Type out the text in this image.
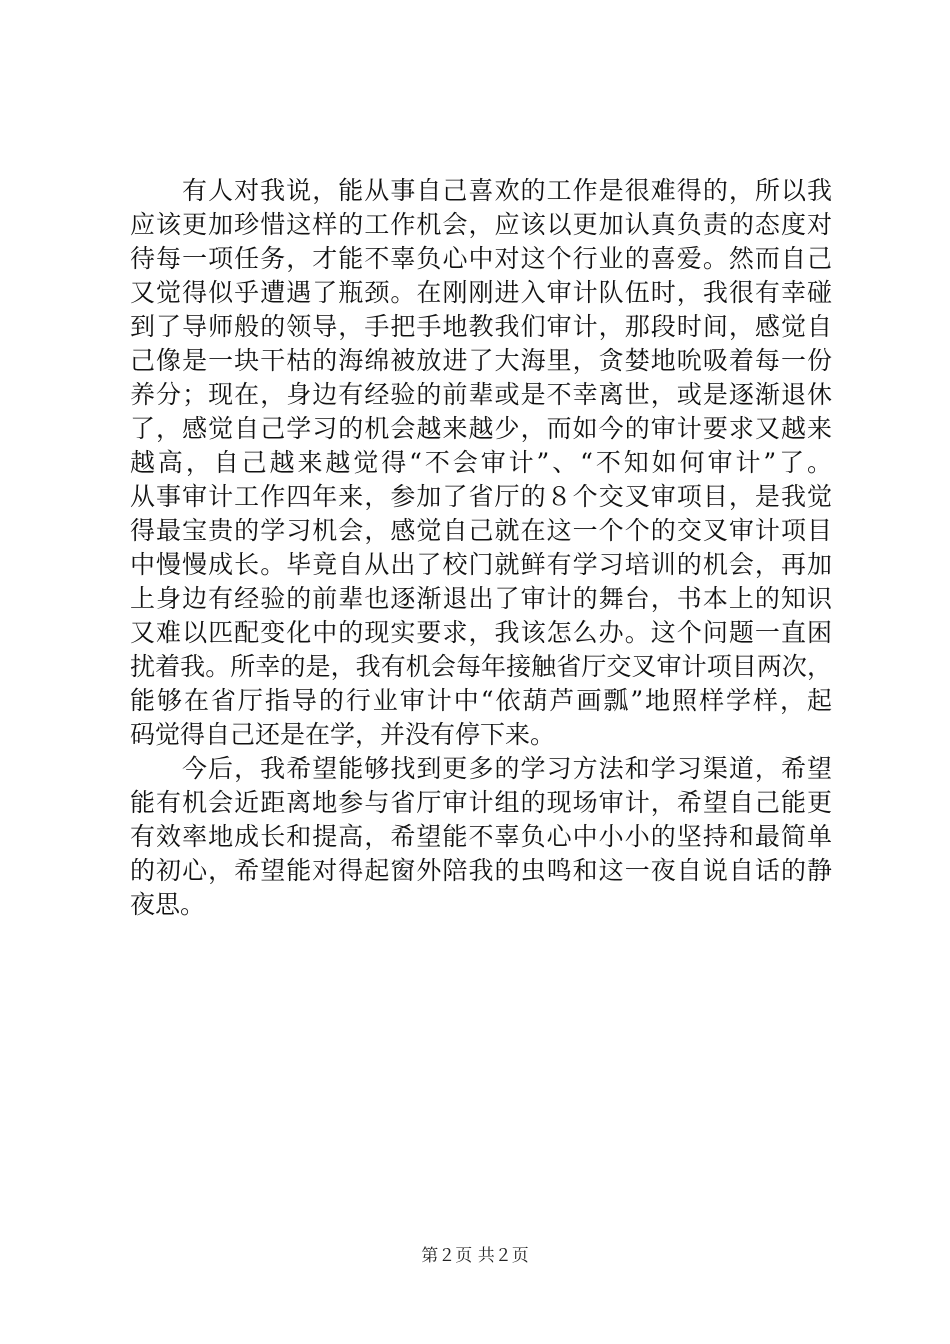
有人对我说，能从事自己喜欢的工作是很难得的，所以我
应该更加珍惜这样的工作机会，应该以更加认真负责的态度对
待每一项任务，才能不辜负心中对这个行业的喜爱。然而自己
又觉得似乎遭遇了瓶颈。在刚刚进入审计队伍时，我很有幸碰
到了导师般的领导，手把手地教我们审计，那段时间，感觉自
己像是一块干枯的海绵被放进了大海里，贪婪地吮吸着每一份
养分；现在，身边有经验的前辈或是不幸离世，或是逐渐退休
了，感觉自己学习的机会越来越少，而如今的审计要求又越来
越高，自己越来越觉得“不会审计”、“不知如何审计”了。
从事审计工作四年来，参加了省厅的８个交叉审项目，是我觉
得最宝贵的学习机会，感觉自己就在这一个个的交叉审计项目
中慢慢成长。毕竟自从出了校门就鲜有学习培训的机会，再加
上身边有经验的前辈也逐渐退出了审计的舞台，书本上的知识
又难以匹配变化中的现实要求，我该怎么办。这个问题一直困
扰着我。所幸的是，我有机会每年接触省厅交叉审计项目两次，
能够在省厅指导的行业审计中“依葫芦画瓢”地照样学样，起
码觉得自己还是在学，并没有停下来。
今后，我希望能够找到更多的学习方法和学习渠道，希望
能有机会近距离地参与省厅审计组的现场审计，希望自己能更
有效率地成长和提高，希望能不辜负心中小小的坚持和最简单
的初心，希望能对得起窗外陪我的虫鸣和这一夜自说自话的静
夜思。
第２页 共２页
